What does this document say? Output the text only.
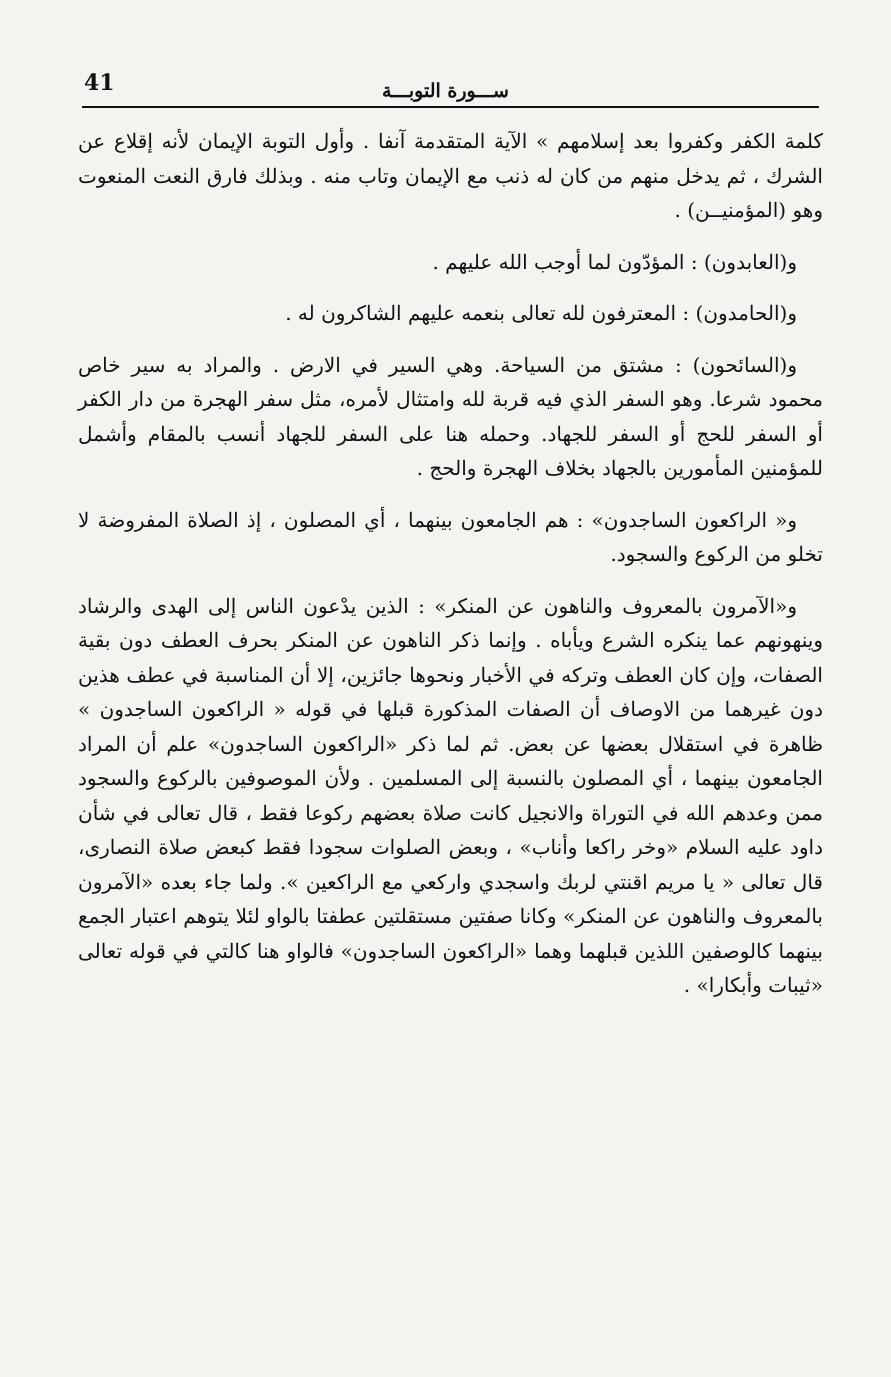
41	ســـورة التوبـــة

كلمة الكفر وكفروا بعد إسلامهم » الآية المتقدمة آنفا . وأول التوبة الإيمان لأنه إقلاع عن الشرك ، ثم يدخل منهم من كان له ذنب مع الإيمان وتاب منه . وبذلك فارق النعت المنعوت وهو (المؤمنيــن) .

و(العابدون) : المؤدّون لما أوجب الله عليهم .

و(الحامدون) : المعترفون لله تعالى بنعمه عليهم الشاكرون له .

و(السائحون) : مشتق من السياحة. وهي السير في الارض . والمراد به سير خاص محمود شرعا. وهو السفر الذي فيه قربة لله وامتثال لأمره، مثل سفر الهجرة من دار الكفر أو السفر للحج أو السفر للجهاد. وحمله هنا على السفر للجهاد أنسب بالمقام وأشمل للمؤمنين المأمورين بالجهاد بخلاف الهجرة والحج .

و« الراكعون الساجدون» : هم الجامعون بينهما ، أي المصلون ، إذ الصلاة المفروضة لا تخلو من الركوع والسجود.

و«الآمرون بالمعروف والناهون عن المنكر» : الذين يدْعون الناس إلى الهدى والرشاد وينهونهم عما ينكره الشرع ويأباه . وإنما ذكر الناهون عن المنكر بحرف العطف دون بقية الصفات، وإن كان العطف وتركه في الأخبار ونحوها جائزين، إلا أن المناسبة في عطف هذين دون غيرهما من الاوصاف أن الصفات المذكورة قبلها في قوله « الراكعون الساجدون » ظاهرة في استقلال بعضها عن بعض. ثم لما ذكر «الراكعون الساجدون» علم أن المراد الجامعون بينهما ، أي المصلون بالنسبة إلى المسلمين . ولأن الموصوفين بالركوع والسجود ممن وعدهم الله في التوراة والانجيل كانت صلاة بعضهم ركوعا فقط ، قال تعالى في شأن داود عليه السلام «وخر راكعا وأناب» ، وبعض الصلوات سجودا فقط كبعض صلاة النصارى، قال تعالى « يا مريم اقنتي لربك واسجدي واركعي مع الراكعين ». ولما جاء بعده «الآمرون بالمعروف والناهون عن المنكر» وكانا صفتين مستقلتين عطفتا بالواو لئلا يتوهم اعتبار الجمع بينهما كالوصفين اللذين قبلهما وهما «الراكعون الساجدون» فالواو هنا كالتي في قوله تعالى «ثيبات وأبكارا» .
